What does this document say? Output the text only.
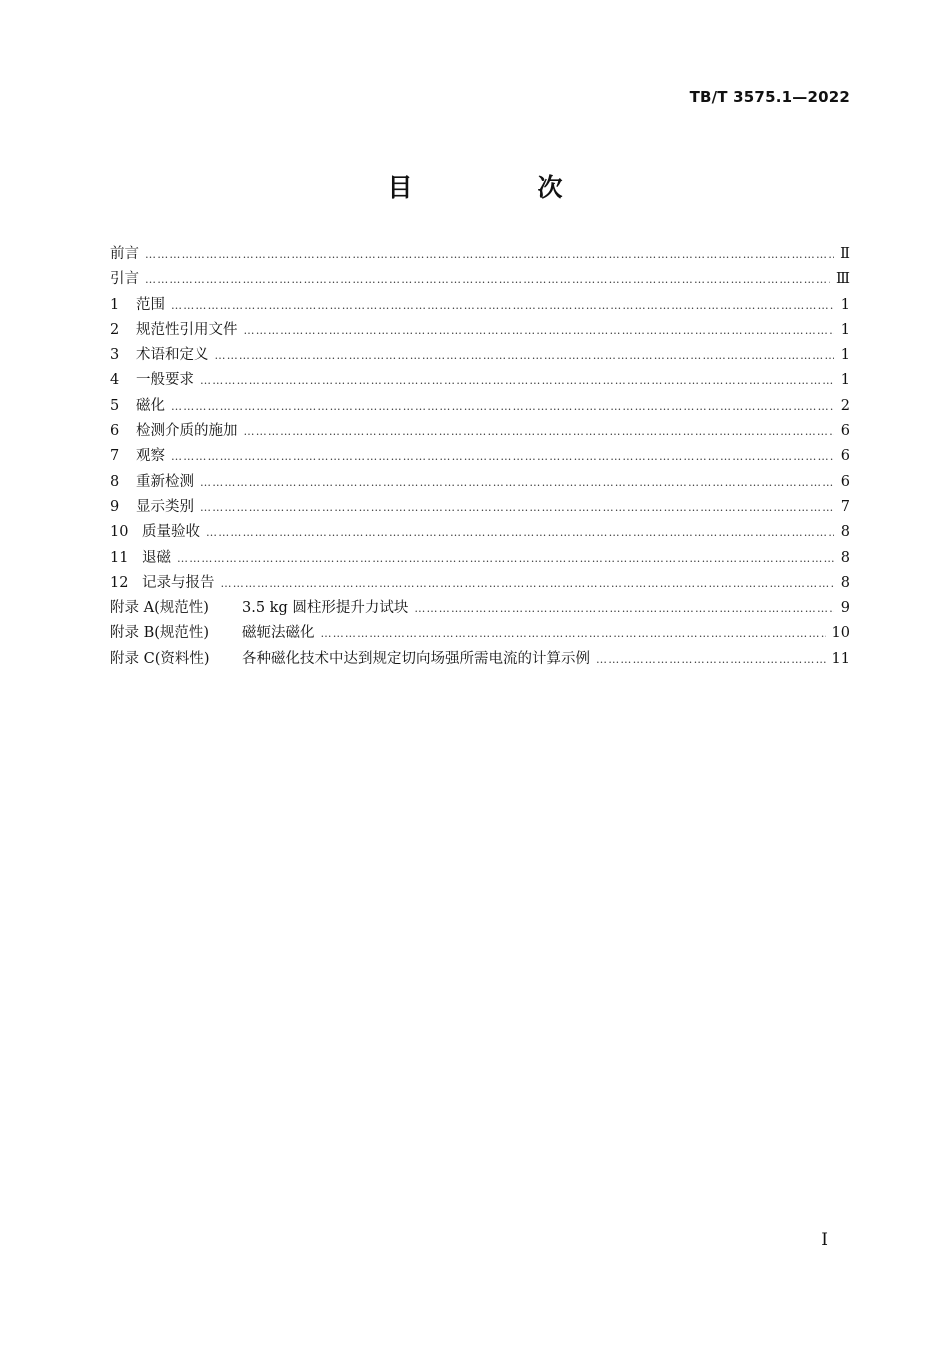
TB/T 3575.1—2022
目　次
前言 ………………………………………………………………………………………………………………………………………………………………………………………………………………	Ⅱ
引言 ………………………………………………………………………………………………………………………………………………………………………………………………………………	Ⅲ
1	范围 ………………………………………………………………………………………………………………………………………………………………………………………………………………	1
2	规范性引用文件 ………………………………………………………………………………………………………………………………………………………………………………………………………………	1
3	术语和定义 ………………………………………………………………………………………………………………………………………………………………………………………………………………	1
4	一般要求 ………………………………………………………………………………………………………………………………………………………………………………………………………………	1
5	磁化 ………………………………………………………………………………………………………………………………………………………………………………………………………………	2
6	检测介质的施加 ………………………………………………………………………………………………………………………………………………………………………………………………………………	6
7	观察 ………………………………………………………………………………………………………………………………………………………………………………………………………………	6
8	重新检测 ………………………………………………………………………………………………………………………………………………………………………………………………………………	6
9	显示类别 ………………………………………………………………………………………………………………………………………………………………………………………………………………	7
10 质量验收 ………………………………………………………………………………………………………………………………………………………………………………………………………………	8
11 退磁 ………………………………………………………………………………………………………………………………………………………………………………………………………………	8
12 记录与报告 ………………………………………………………………………………………………………………………………………………………………………………………………………………	8
附录 A(规范性)	3.5 kg 圆柱形提升力试块 ………………………………………………………………………………………………………………………………………………………………………………………………………………	9
附录 B(规范性)	磁轭法磁化 ………………………………………………………………………………………………………………………………………………………………………………………………………………	10
附录 C(资料性)	各种磁化技术中达到规定切向场强所需电流的计算示例 ………………………………………………………………………………………………………………………………………………………………………………………………………………	11
Ⅰ
